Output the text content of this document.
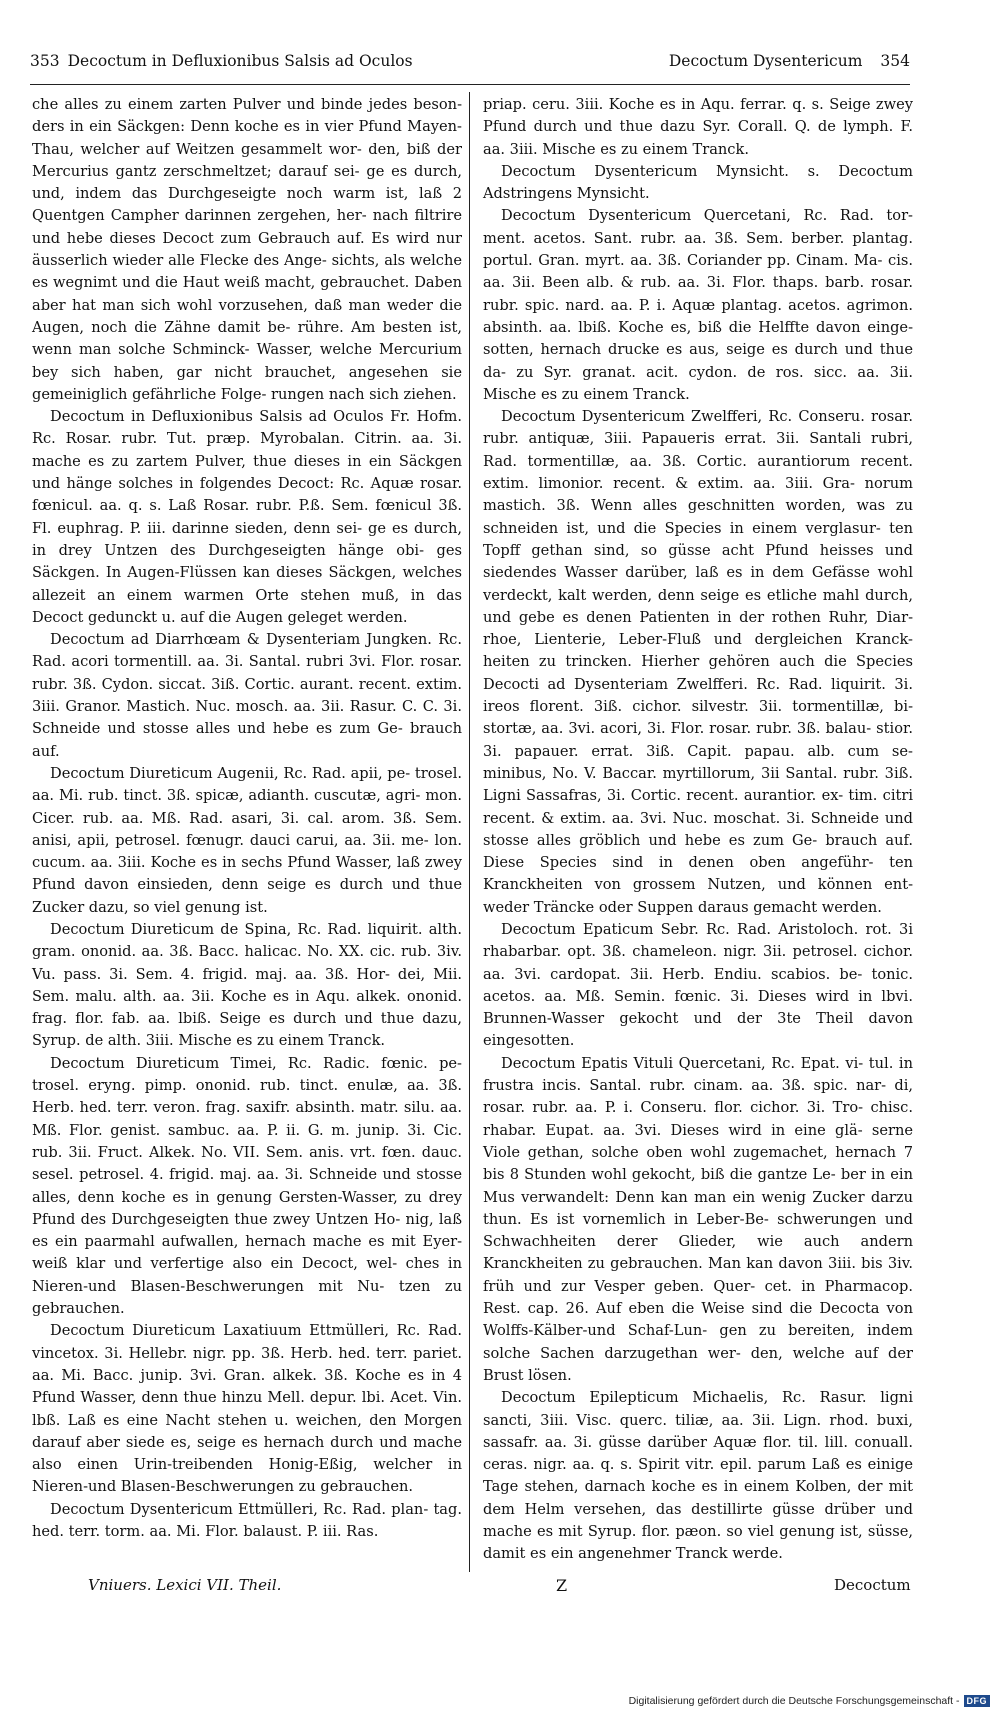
353 Decoctum in Defluxionibus Salsis ad Oculos	Decoctum Dysentericum 354

che alles zu einem zarten Pulver und binde jedes beson- ders in ein Säckgen: Denn koche es in vier Pfund Mayen-Thau, welcher auf Weitzen gesammelt wor- den, biß der Mercurius gantz zerschmeltzet; darauf sei- ge es durch, und, indem das Durchgeseigte noch warm ist, laß 2 Quentgen Campher darinnen zergehen, her- nach filtrire und hebe dieses Decoct zum Gebrauch auf. Es wird nur äusserlich wieder alle Flecke des Ange- sichts, als welche es wegnimt und die Haut weiß macht, gebrauchet. Daben aber hat man sich wohl vorzusehen, daß man weder die Augen, noch die Zähne damit be- rühre. Am besten ist, wenn man solche Schminck- Wasser, welche Mercurium bey sich haben, gar nicht brauchet, angesehen sie gemeiniglich gefährliche Folge- rungen nach sich ziehen.

Decoctum in Defluxionibus Salsis ad Oculos Fr. Hofm. Rc. Rosar. rubr. Tut. præp. Myrobalan. Citrin. aa. 3i. mache es zu zartem Pulver, thue dieses in ein Säckgen und hänge solches in folgendes Decoct: Rc. Aquæ rosar. fœnicul. aa. q. s. Laß Rosar. rubr. P.ß. Sem. fœnicul 3ß. Fl. euphrag. P. iii. darinne sieden, denn sei- ge es durch, in drey Untzen des Durchgeseigten hänge obi- ges Säckgen. In Augen-Flüssen kan dieses Säckgen, welches allezeit an einem warmen Orte stehen muß, in das Decoct gedunckt u. auf die Augen geleget werden.

Decoctum ad Diarrhœam & Dysenteriam Jungken. Rc. Rad. acori tormentill. aa. 3i. Santal. rubri 3vi. Flor. rosar. rubr. 3ß. Cydon. siccat. 3iß. Cortic. aurant. recent. extim. 3iii. Granor. Mastich. Nuc. mosch. aa. 3ii. Rasur. C. C. 3i. Schneide und stosse alles und hebe es zum Ge- brauch auf.

Decoctum Diureticum Augenii, Rc. Rad. apii, pe- trosel. aa. Mi. rub. tinct. 3ß. spicæ, adianth. cuscutæ, agri- mon. Cicer. rub. aa. Mß. Rad. asari, 3i. cal. arom. 3ß. Sem. anisi, apii, petrosel. fœnugr. dauci carui, aa. 3ii. me- lon. cucum. aa. 3iii. Koche es in sechs Pfund Wasser, laß zwey Pfund davon einsieden, denn seige es durch und thue Zucker dazu, so viel genung ist.

Decoctum Diureticum de Spina, Rc. Rad. liquirit. alth. gram. ononid. aa. 3ß. Bacc. halicac. No. XX. cic. rub. 3iv. Vu. pass. 3i. Sem. 4. frigid. maj. aa. 3ß. Hor- dei, Mii. Sem. malu. alth. aa. 3ii. Koche es in Aqu. alkek. ononid. frag. flor. fab. aa. lbiß. Seige es durch und thue dazu, Syrup. de alth. 3iii. Mische es zu einem Tranck.

Decoctum Diureticum Timei, Rc. Radic. fœnic. pe- trosel. eryng. pimp. ononid. rub. tinct. enulæ, aa. 3ß. Herb. hed. terr. veron. frag. saxifr. absinth. matr. silu. aa. Mß. Flor. genist. sambuc. aa. P. ii. G. m. junip. 3i. Cic. rub. 3ii. Fruct. Alkek. No. VII. Sem. anis. vrt. fœn. dauc. sesel. petrosel. 4. frigid. maj. aa. 3i. Schneide und stosse alles, denn koche es in genung Gersten-Wasser, zu drey Pfund des Durchgeseigten thue zwey Untzen Ho- nig, laß es ein paarmahl aufwallen, hernach mache es mit Eyer-weiß klar und verfertige also ein Decoct, wel- ches in Nieren-und Blasen-Beschwerungen mit Nu- tzen zu gebrauchen.

Decoctum Diureticum Laxatiuum Ettmülleri, Rc. Rad. vincetox. 3i. Hellebr. nigr. pp. 3ß. Herb. hed. terr. pariet. aa. Mi. Bacc. junip. 3vi. Gran. alkek. 3ß. Koche es in 4 Pfund Wasser, denn thue hinzu Mell. depur. lbi. Acet. Vin. lbß. Laß es eine Nacht stehen u. weichen, den Morgen darauf aber siede es, seige es hernach durch und mache also einen Urin-treibenden Honig-Eßig, welcher in Nieren-und Blasen-Beschwerungen zu gebrauchen.

Decoctum Dysentericum Ettmülleri, Rc. Rad. plan- tag. hed. terr. torm. aa. Mi. Flor. balaust. P. iii. Ras.

priap. ceru. 3iii. Koche es in Aqu. ferrar. q. s. Seige zwey Pfund durch und thue dazu Syr. Corall. Q. de lymph. F. aa. 3iii. Mische es zu einem Tranck.

Decoctum Dysentericum Mynsicht. s. Decoctum Adstringens Mynsicht.

Decoctum Dysentericum Quercetani, Rc. Rad. tor- ment. acetos. Sant. rubr. aa. 3ß. Sem. berber. plantag. portul. Gran. myrt. aa. 3ß. Coriander pp. Cinam. Ma- cis. aa. 3ii. Been alb. & rub. aa. 3i. Flor. thaps. barb. rosar. rubr. spic. nard. aa. P. i. Aquæ plantag. acetos. agrimon. absinth. aa. lbiß. Koche es, biß die Helffte davon einge- sotten, hernach drucke es aus, seige es durch und thue da- zu Syr. granat. acit. cydon. de ros. sicc. aa. 3ii. Mische es zu einem Tranck.

Decoctum Dysentericum Zwelfferi, Rc. Conseru. rosar. rubr. antiquæ, 3iii. Papaueris errat. 3ii. Santali rubri, Rad. tormentillæ, aa. 3ß. Cortic. aurantiorum recent. extim. limonior. recent. & extim. aa. 3iii. Gra- norum mastich. 3ß. Wenn alles geschnitten worden, was zu schneiden ist, und die Species in einem verglasur- ten Topff gethan sind, so güsse acht Pfund heisses und siedendes Wasser darüber, laß es in dem Gefässe wohl verdeckt, kalt werden, denn seige es etliche mahl durch, und gebe es denen Patienten in der rothen Ruhr, Diar- rhoe, Lienterie, Leber-Fluß und dergleichen Kranck- heiten zu trincken. Hierher gehören auch die Species Decocti ad Dysenteriam Zwelfferi. Rc. Rad. liquirit. 3i. ireos florent. 3iß. cichor. silvestr. 3ii. tormentillæ, bi- stortæ, aa. 3vi. acori, 3i. Flor. rosar. rubr. 3ß. balau- stior. 3i. papauer. errat. 3iß. Capit. papau. alb. cum se- minibus, No. V. Baccar. myrtillorum, 3ii Santal. rubr. 3iß. Ligni Sassafras, 3i. Cortic. recent. aurantior. ex- tim. citri recent. & extim. aa. 3vi. Nuc. moschat. 3i. Schneide und stosse alles gröblich und hebe es zum Ge- brauch auf. Diese Species sind in denen oben angeführ- ten Kranckheiten von grossem Nutzen, und können ent- weder Träncke oder Suppen daraus gemacht werden.

Decoctum Epaticum Sebr. Rc. Rad. Aristoloch. rot. 3i rhabarbar. opt. 3ß. chameleon. nigr. 3ii. petrosel. cichor. aa. 3vi. cardopat. 3ii. Herb. Endiu. scabios. be- tonic. acetos. aa. Mß. Semin. fœnic. 3i. Dieses wird in lbvi. Brunnen-Wasser gekocht und der 3te Theil davon eingesotten.

Decoctum Epatis Vituli Quercetani, Rc. Epat. vi- tul. in frustra incis. Santal. rubr. cinam. aa. 3ß. spic. nar- di, rosar. rubr. aa. P. i. Conseru. flor. cichor. 3i. Tro- chisc. rhabar. Eupat. aa. 3vi. Dieses wird in eine glä- serne Viole gethan, solche oben wohl zugemachet, hernach 7 bis 8 Stunden wohl gekocht, biß die gantze Le- ber in ein Mus verwandelt: Denn kan man ein wenig Zucker darzu thun. Es ist vornemlich in Leber-Be- schwerungen und Schwachheiten derer Glieder, wie auch andern Kranckheiten zu gebrauchen. Man kan davon 3iii. bis 3iv. früh und zur Vesper geben. Quer- cet. in Pharmacop. Rest. cap. 26. Auf eben die Weise sind die Decocta von Wolffs-Kälber-und Schaf-Lun- gen zu bereiten, indem solche Sachen darzugethan wer- den, welche auf der Brust lösen.

Decoctum Epilepticum Michaelis, Rc. Rasur. ligni sancti, 3iii. Visc. querc. tiliæ, aa. 3ii. Lign. rhod. buxi, sassafr. aa. 3i. güsse darüber Aquæ flor. til. lill. conuall. ceras. nigr. aa. q. s. Spirit vitr. epil. parum Laß es einige Tage stehen, darnach koche es in einem Kolben, der mit dem Helm versehen, das destillirte güsse drüber und mache es mit Syrup. flor. pæon. so viel genung ist, süsse, damit es ein angenehmer Tranck werde.

Vniuers. Lexici VII. Theil.	Z	Decoctum
Digitalisierung gefördert durch die Deutsche Forschungsgemeinschaft - DFG
